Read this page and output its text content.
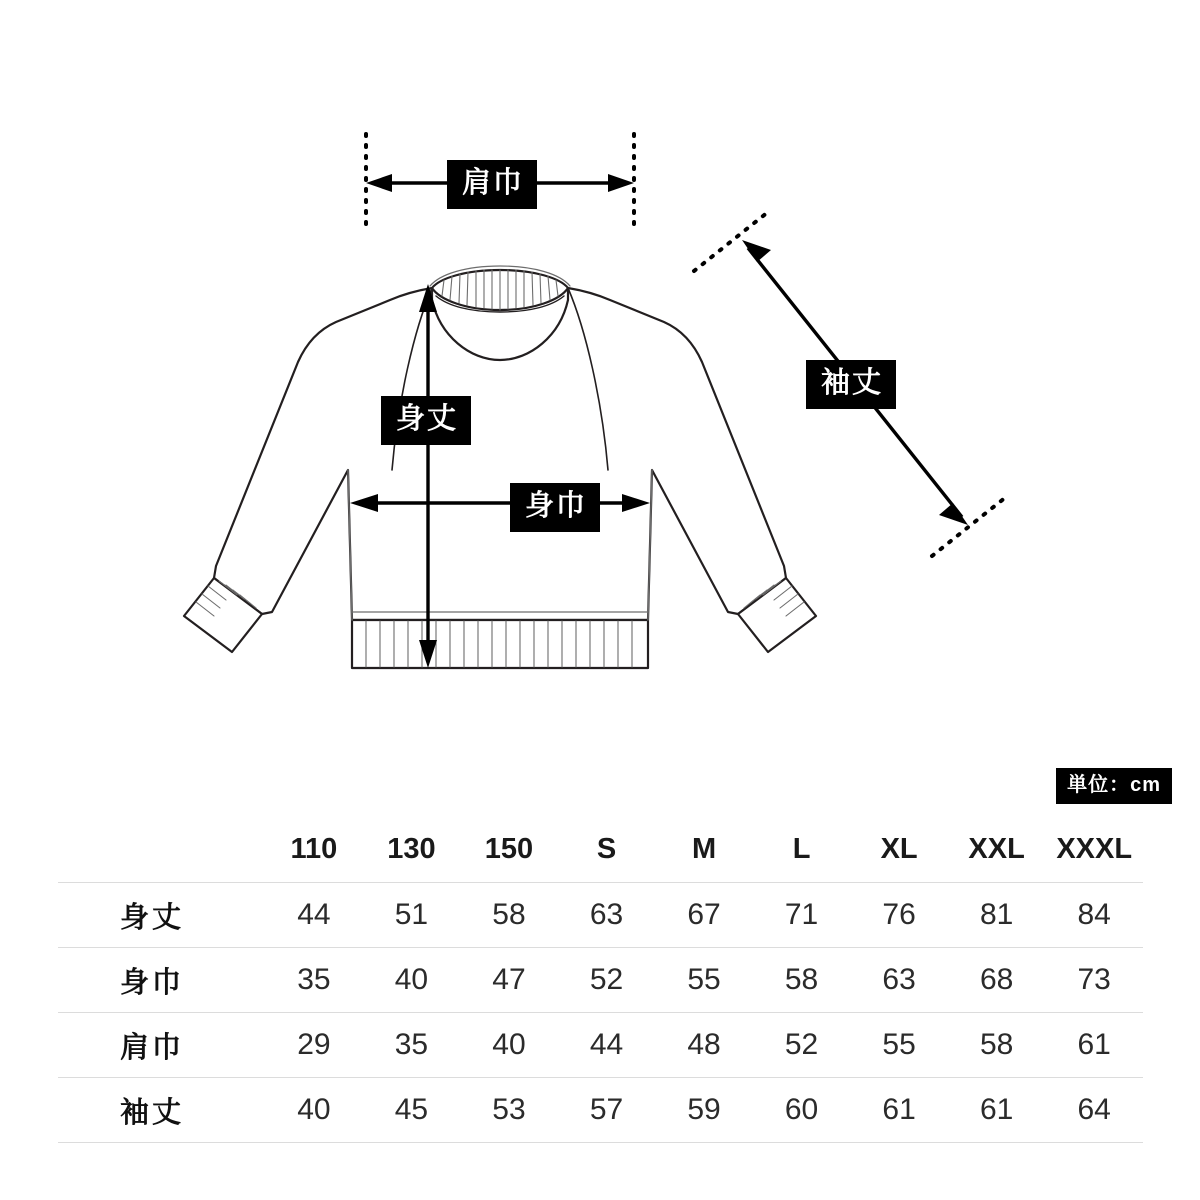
肩巾
身丈
身巾
袖丈
単位：cm
	110	130	150	S	M	L	XL	XXL	XXXL
身丈	44	51	58	63	67	71	76	81	84
身巾	35	40	47	52	55	58	63	68	73
肩巾	29	35	40	44	48	52	55	58	61
袖丈	40	45	53	57	59	60	61	61	64
